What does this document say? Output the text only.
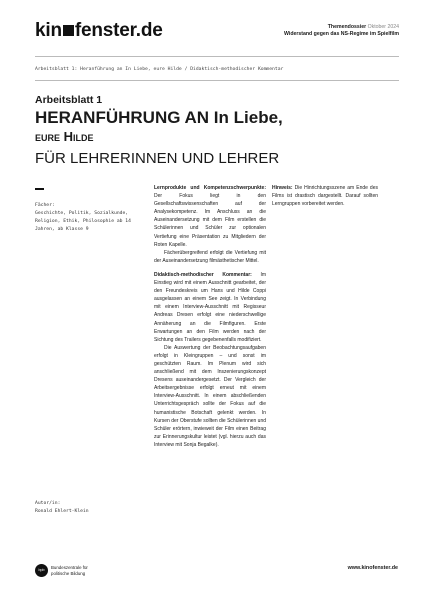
kin fenster.de	Themendossier Oktober 2024
Widerstand gegen das NS-Regime im Spielfilm
Arbeitsblatt 1: Heranführung an In Liebe, eure Hilde / Didaktisch-methodischer Kommentar
Arbeitsblatt 1
HERANFÜHRUNG AN In Liebe,
eure Hilde
FÜR LEHRERINNEN UND LEHRER
Fächer:
Geschichte, Politik, Sozialkunde, Religion, Ethik, Philosophie ab 14 Jahren, ab Klasse 9
Autor/in:
Ronald Ehlert-Klein

Lernprodukte und Kompetenzschwerpunkte: Der Fokus liegt in den Gesellschaftswissenschaften auf der Analysekompetenz. Im Anschluss an die Auseinandersetzung mit dem Film erstellen die Schülerinnen und Schüler zur optionalen Vertiefung eine Präsentation zu Mitgliedern der Roten Kapelle.

Fächerübergreifend erfolgt die Vertiefung mit der Auseinandersetzung filmästhetischer Mittel.

Didaktisch-methodischer Kommentar: Im Einstieg wird mit einem Ausschnitt gearbeitet, der den Freundeskreis um Hans und Hilde Coppi ausgelassen an einem See zeigt. In Verbindung mit einem Interview-Ausschnitt mit Regisseur Andreas Dresen erfolgt eine niederschwellige Annäherung an die Filmfiguren. Erste Erwartungen an den Film werden nach der Sichtung des Trailers gegebenenfalls modifiziert.

Die Auswertung der Beobachtungsaufgaben erfolgt in Kleingruppen – und sonst im geschützten Raum. Im Plenum wird sich anschließend mit dem Inszenierungskonzept Dresens auseinandergesetzt. Der Vergleich der Arbeitsergebnisse erfolgt erneut mit einem Interview-Ausschnitt. In einem abschließenden Unterrichtsgespräch sollte der Fokus auf die humanistische Botschaft gelenkt werden. In Kursen der Oberstufe sollten die Schülerinnen und Schüler erörtern, inwieweit der Film einen Beitrag zur Erinnerungskultur leistet (vgl. hierzu auch das Interview mit Sonja Begalke).

Hinweis: Die Hinrichtungsszene am Ende des Films ist drastisch dargestellt. Darauf sollten Lerngruppen vorbereitet werden.

bpb Bundeszentrale für
politische Bildung
www.kinofenster.de
